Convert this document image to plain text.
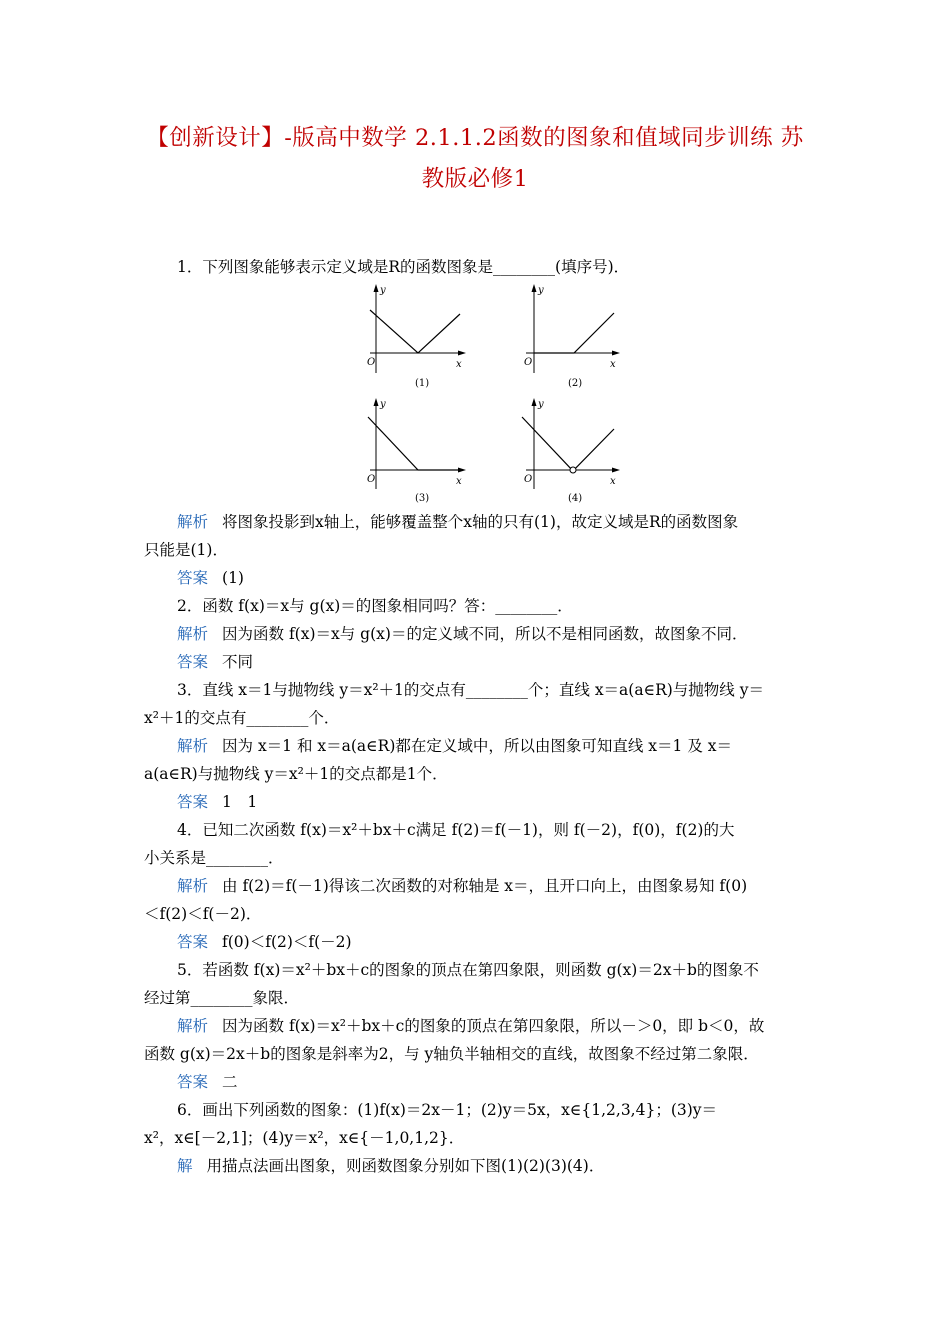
【创新设计】-版高中数学 2.1.1.2函数的图象和值域同步训练 苏
教版必修1
1．下列图象能够表示定义域是R的函数图象是________(填序号)．
y
x
O
(1)
y
x
O
(2)
y
x
O
(3)
y
x
O
(4)
解析 将图象投影到x轴上，能够覆盖整个x轴的只有(1)，故定义域是R的函数图象
只能是(1)．
答案 (1)
2．函数 f(x)＝x与 g(x)＝的图象相同吗？答：________．
解析 因为函数 f(x)＝x与 g(x)＝的定义域不同，所以不是相同函数，故图象不同．
答案 不同
3．直线 x＝1与抛物线 y＝x²＋1的交点有________个；直线 x＝a(a∈R)与抛物线 y＝
x²＋1的交点有________个．
解析 因为 x＝1 和 x＝a(a∈R)都在定义域中，所以由图象可知直线 x＝1 及 x＝
a(a∈R)与抛物线 y＝x²＋1的交点都是1个．
答案 1　1
4．已知二次函数 f(x)＝x²＋bx＋c满足 f(2)＝f(－1)，则 f(－2)，f(0)，f(2)的大
小关系是________．
解析 由 f(2)＝f(－1)得该二次函数的对称轴是 x＝，且开口向上，由图象易知 f(0)
＜f(2)＜f(－2)．
答案 f(0)＜f(2)＜f(－2)
5．若函数 f(x)＝x²＋bx＋c的图象的顶点在第四象限，则函数 g(x)＝2x＋b的图象不
经过第________象限．
解析 因为函数 f(x)＝x²＋bx＋c的图象的顶点在第四象限，所以－＞0，即 b＜0，故
函数 g(x)＝2x＋b的图象是斜率为2，与 y轴负半轴相交的直线，故图象不经过第二象限．
答案 二
6．画出下列函数的图象：(1)f(x)＝2x－1；(2)y＝5x，x∈{1,2,3,4}；(3)y＝
x²，x∈[－2,1]；(4)y＝x²，x∈{－1,0,1,2}．
解 用描点法画出图象，则函数图象分别如下图(1)(2)(3)(4)．
